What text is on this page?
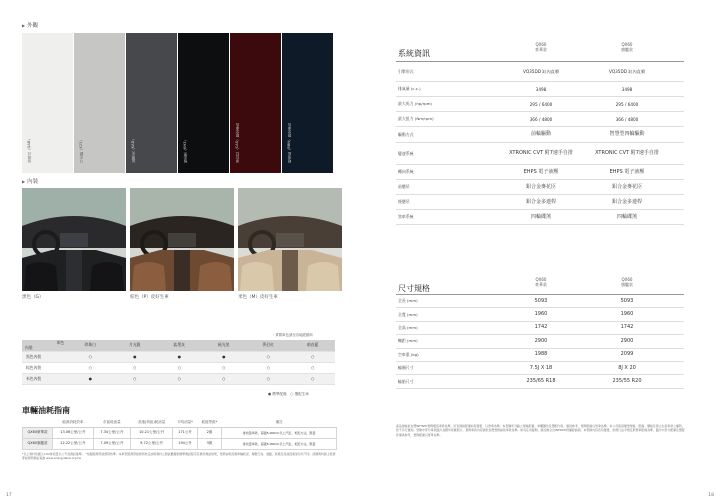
▶ 外觀
珍珠白（QAB）	月光銀（K23）	鈦墨灰（KAD）	極光黑（KH3）	夢幻紅（CAS）限定車色	暗夜藍（RBN）限定車色
▶ 內裝
黑色（G）	棕色（P）皮好生車	米色（M）皮好生車
・實際車色請至各地經銷商
車色
內裝	珍珠白	月光銀	鈦墨灰	極光黑	夢幻紅	暗夜藍
黑色內裝	○	●	●	●	○	○
棕色內裝	○	○	○	○	○	○
米色內裝	●	○	○	○	○	○
● 標準配備　○ 選配生車
車輛油耗指南
	能源消耗效率	市區耗油量	高速(郊區)耗油量	平均油量*	耗能等級*	備註
QX60豪華款	13.06公里/公升	7.34公里/公升	10.21公里/公升	171公升	2級	排放量車款，超過5,000CC以上汽缸，相近方法，限量
QX60旗艦款	12.22公里/公升	7.09公里/公升	9.72公里/公升	194公升	3級	排放量車款，超過5,000CC以上汽缸，相近方法，限量
*以上資料依據之CO2排放量以公升為測試基準。 *依據經濟部能源局核準。本車型經濟部能源局核定油耗資料之測試數據依標準測試程序及條件測試結果，實際油耗需視車輛狀況、駕駛行為、道路、氣候及其他因素而有所不同。詳細資料請上經濟部能源局網站查詢 www.energylabel.org.tw
17	18
系統資訊
QX60
豪華款
QX60
旗艦款
引擎形式	VQ35DD 缸內直噴	VQ35DD 缸內直噴
排氣量 (c.c.)	3498	3498
最大馬力 (hp/rpm)	295 / 6400	295 / 6400
最大扭力 (Nm/rpm)	366 / 4800	366 / 4800
驅動方式	前輪驅動	智慧型四輪驅動
變速系統	XTRONIC CVT 附7速手自排	XTRONIC CVT 附7速手自排
轉向系統	EHPS 電子液壓	EHPS 電子液壓
前懸吊	鋁合金麥花臣	鋁合金麥花臣
後懸吊	鋁合金多連桿	鋁合金多連桿
煞車系統	四輪碟煞	四輪碟煞
尺寸規格
QX60
豪華款
QX60
旗艦款
全長 (mm)	5093	5093
全寬 (mm)	1960	1960
全高 (mm)	1742	1742
軸距 (mm)	2900	2900
空車重 (kg)	1988	2099
輪圈尺寸	7.5J X 18	8J X 20
輪胎尺寸	235/65 R18	235/55 R20
產品規格依台灣INFINITI實際販售車款為準，所有規格配備如有變更，以實車為準。本型錄所刊載之規格配備、車體顏色及選配內容，僅供參考，實際配備以實車為準。本公司保留變更規格、配備、價格及停止生產車款之權利，恕不另行通知。型錄中部分車款圖片為國外原廠照片，實際車款內容請依台灣實際銷售車款為準。如有任何疑問，請洽詢全台INFINITI授權經銷商。本型錄內容若有變更，依現行法令規定與實車配備為準，圖片中部分配備及選配件僅供參考，實際配備以實車為準。
